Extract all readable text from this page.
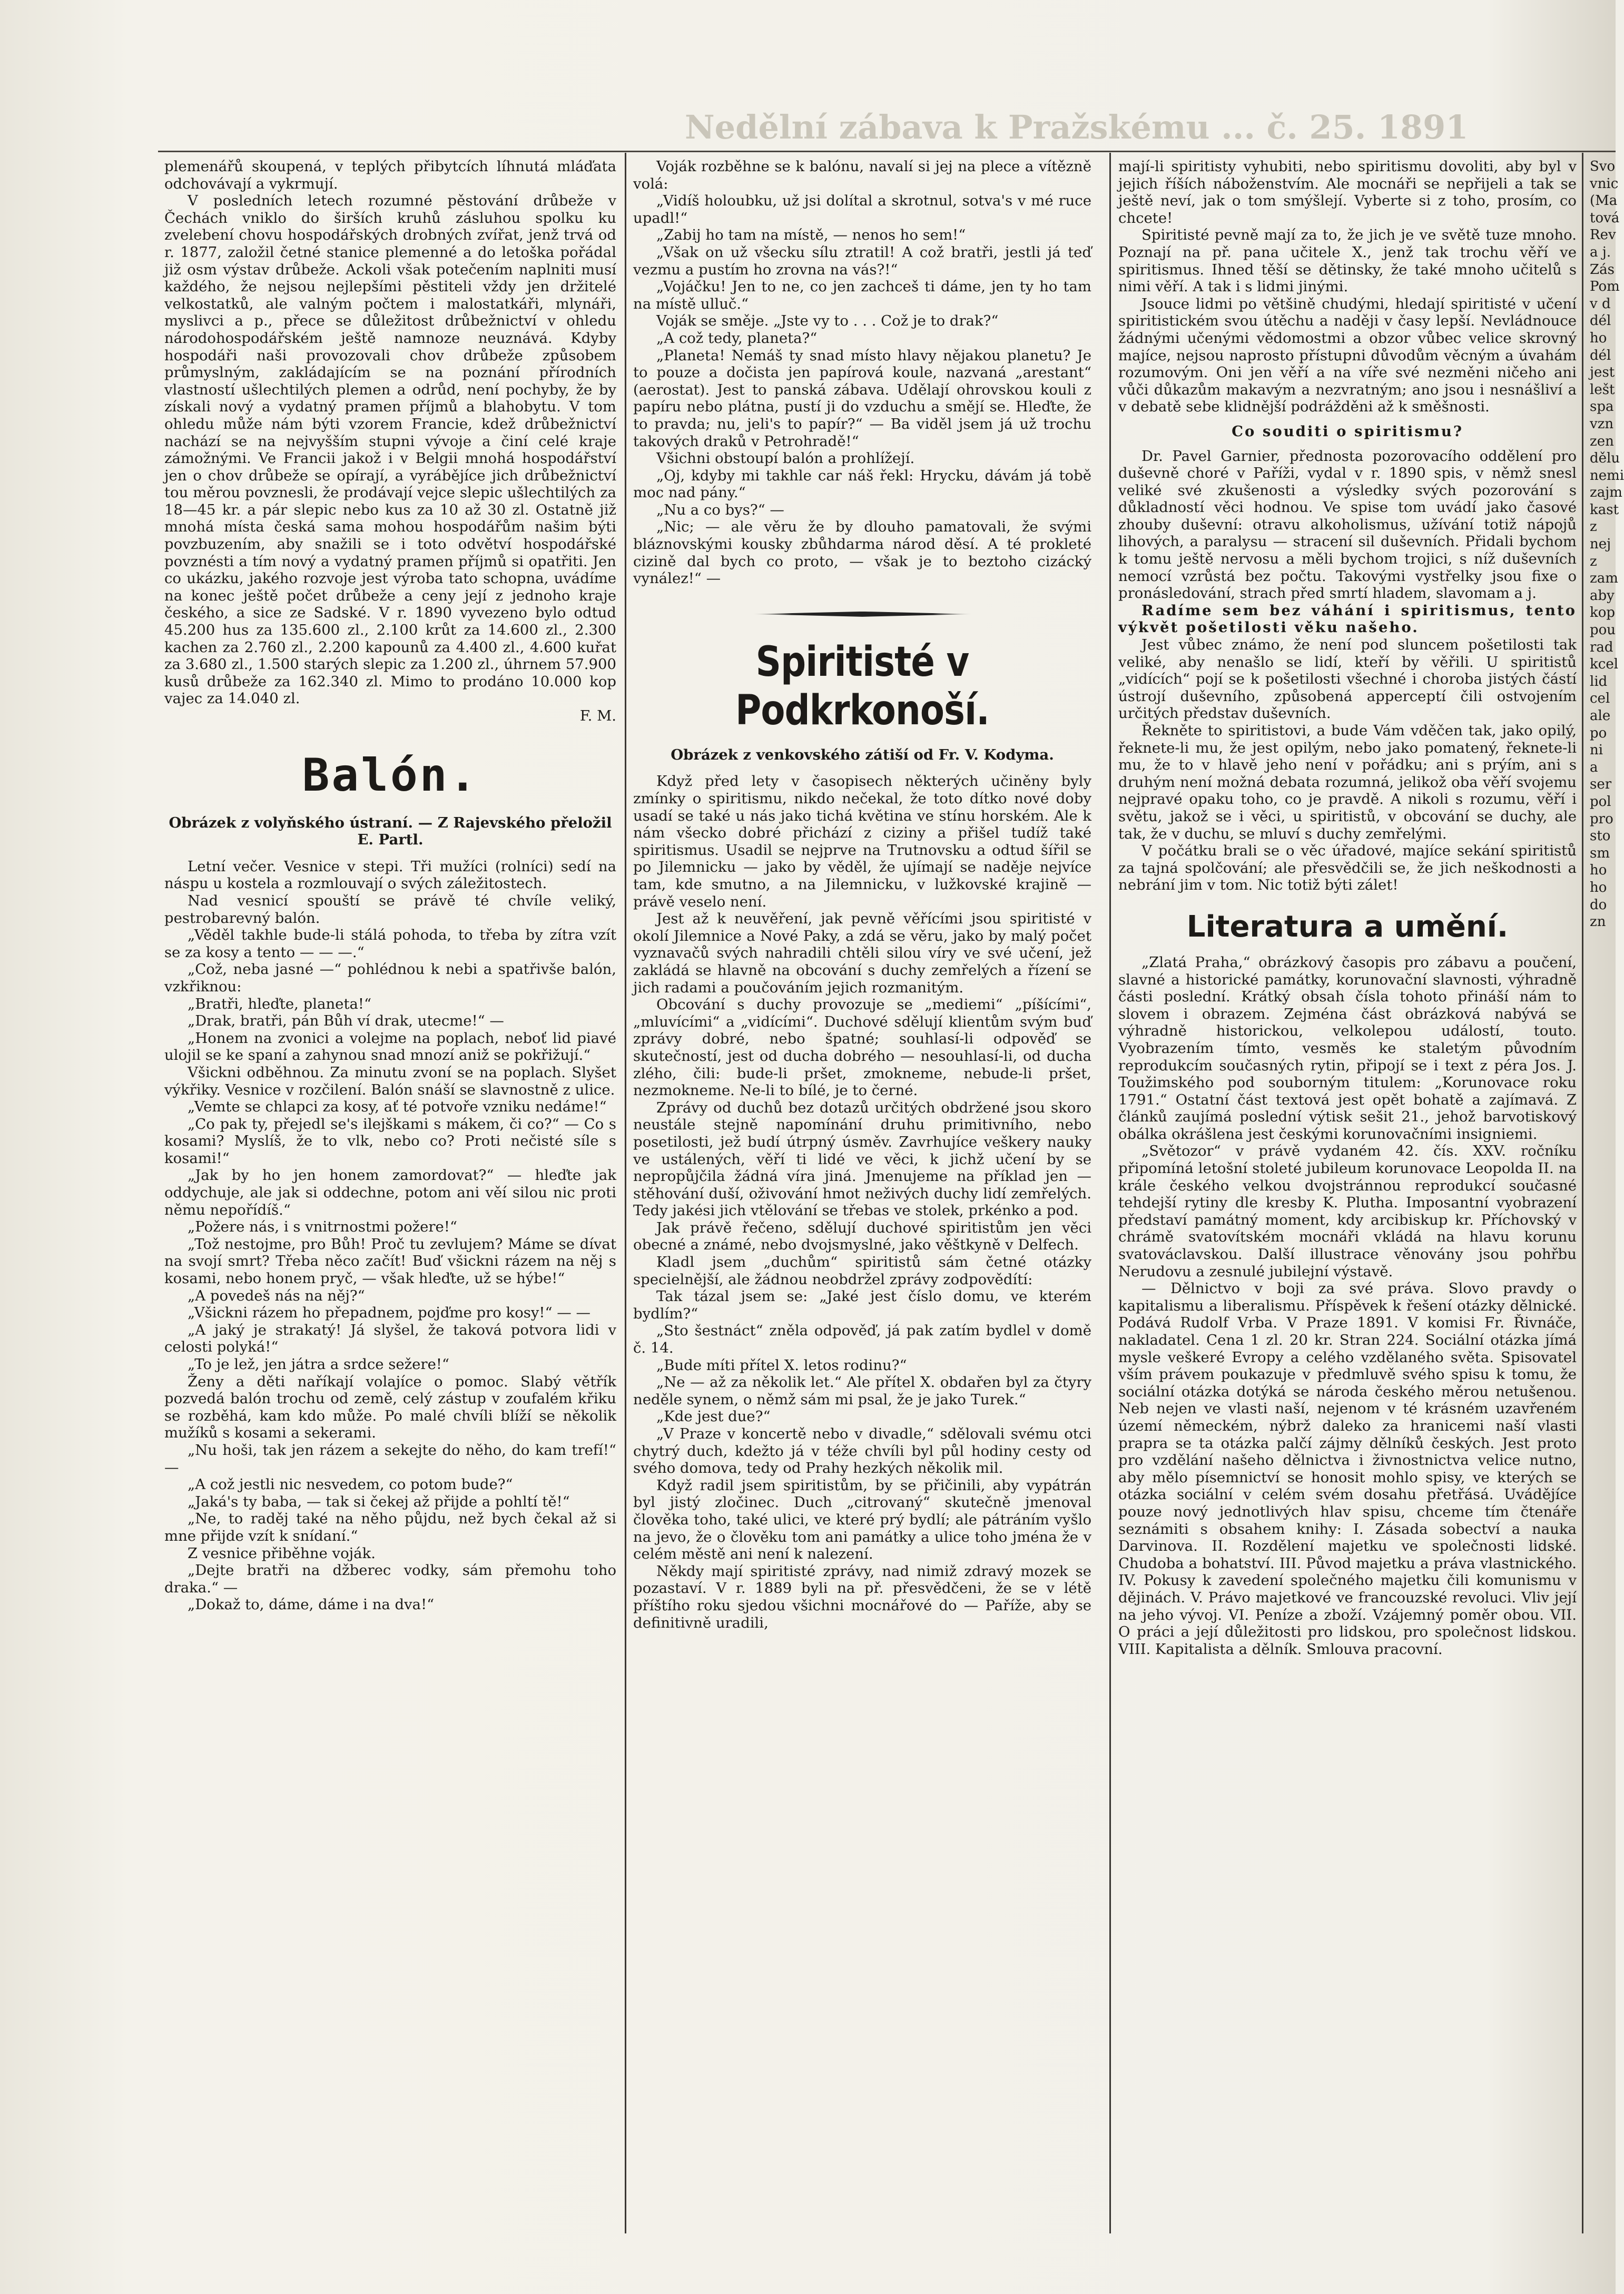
Nedělní zábava k Pražskému ... č. 25. 1891

plemenářů skoupená, v teplých přibytcích líhnutá mláďata odchovávají a vykrmují.

V posledních letech rozumné pěstování drůbeže v Čechách vniklo do širších kruhů zásluhou spolku ku zvelebení chovu hospodářských drobných zvířat, jenž trvá od r. 1877, založil četné stanice plemenné a do letoška pořádal již osm výstav drůbeže. Ackoli však potečením naplniti musí každého, že nejsou nejlepšími pěstiteli vždy jen držitelé velkostatků, ale valným počtem i malostatkáři, mlynáři, myslivci a p., přece se důležitost drůbežnictví v ohledu národohospodářském ještě namnoze neuznává. Kdyby hospodáři naši provozovali chov drůbeže způsobem průmyslným, zakládajícím se na poznání přírodních vlastností ušlechtilých plemen a odrůd, není pochyby, že by získali nový a vydatný pramen příjmů a blahobytu. V tom ohledu může nám býti vzorem Francie, kdež drůbežnictví nachází se na nejvyšším stupni vývoje a činí celé kraje zámožnými. Ve Francii jakož i v Belgii mnohá hospodářství jen o chov drůbeže se opírají, a vyrábějíce jich drůbežnictví tou měrou povznesli, že prodávají vejce slepic ušlechtilých za 18—45 kr. a pár slepic nebo kus za 10 až 30 zl. Ostatně již mnohá místa česká sama mohou hospodářům našim býti povzbuzením, aby snažili se i toto odvětví hospodářské povznésti a tím nový a vydatný pramen příjmů si opatřiti. Jen co ukázku, jakého rozvoje jest výroba tato schopna, uvádíme na konec ještě počet drůbeže a ceny její z jednoho kraje českého, a sice ze Sadské. V r. 1890 vyvezeno bylo odtud 45.200 hus za 135.600 zl., 2.100 krůt za 14.600 zl., 2.300 kachen za 2.760 zl., 2.200 kapounů za 4.400 zl., 4.600 kuřat za 3.680 zl., 1.500 starých slepic za 1.200 zl., úhrnem 57.900 kusů drůbeže za 162.340 zl. Mimo to prodáno 10.000 kop vajec za 14.040 zl.

F. M.

Balón.

Obrázek z volyňského ústraní. — Z Rajevského přeložil E. Partl.

Letní večer. Vesnice v stepi. Tři mužíci (rolníci) sedí na náspu u kostela a rozmlouvají o svých záležitostech.

Nad vesnicí spouští se právě té chvíle veliký, pestrobarevný balón.

„Věděl takhle bude-li stálá pohoda, to třeba by zítra vzít se za kosy a tento — — —.“

„Což, neba jasné —“ pohlédnou k nebi a spatřivše balón, vzkřiknou:

„Bratři, hleďte, planeta!“

„Drak, bratři, pán Bůh ví drak, utecme!“ —

„Honem na zvonici a volejme na poplach, neboť lid piavé ulojil se ke spaní a zahynou snad mnozí aniž se pokřižují.“

Všickni odběhnou. Za minutu zvoní se na poplach. Slyšet výkřiky. Vesnice v rozčilení. Balón snáší se slavnostně z ulice.

„Vemte se chlapci za kosy, ať té potvoře vzniku nedáme!“

„Co pak ty, přejedl se's ilejškami s mákem, či co?“ — Co s kosami? Myslíš, že to vlk, nebo co? Proti nečisté síle s kosami!“

„Jak by ho jen honem zamordovat?“ — hleďte jak oddychuje, ale jak si oddechne, potom ani věí silou nic proti němu nepořídíš.“

„Požere nás, i s vnitrnostmi požere!“

„Tož nestojme, pro Bůh! Proč tu zevlujem? Máme se dívat na svojí smrt? Třeba něco začít! Buď všickni rázem na něj s kosami, nebo honem pryč, — však hleďte, už se hýbe!“

„A povedeš nás na něj?“

„Všickni rázem ho přepadnem, pojďme pro kosy!“ — —

„A jaký je strakatý! Já slyšel, že taková potvora lidi v celosti polyká!“

„To je lež, jen játra a srdce sežere!“

Ženy a děti naříkají volajíce o pomoc. Slabý větřík pozvedá balón trochu od země, celý zástup v zoufalém křiku se rozběhá, kam kdo může. Po malé chvíli blíží se několik mužíků s kosami a sekerami.

„Nu hoši, tak jen rázem a sekejte do něho, do kam trefí!“ —

„A což jestli nic nesvedem, co potom bude?“

„Jaká's ty baba, — tak si čekej až přijde a pohltí tě!“

„Ne, to raděj také na něho půjdu, než bych čekal až si mne přijde vzít k snídaní.“

Z vesnice přiběhne voják.

„Dejte bratři na džberec vodky, sám přemohu toho draka.“ —

„Dokaž to, dáme, dáme i na dva!“

Voják rozběhne se k balónu, navalí si jej na plece a vítězně volá:

„Vidíš holoubku, už jsi dolítal a skrotnul, sotva's v mé ruce upadl!“

„Zabij ho tam na místě, — nenos ho sem!“

„Však on už všecku sílu ztratil! A což bratři, jestli já teď vezmu a pustím ho zrovna na vás?!“

„Vojáčku! Jen to ne, co jen zachceš ti dáme, jen ty ho tam na místě ulluč.“

Voják se směje. „Jste vy to . . . Což je to drak?“

„A což tedy, planeta?“

„Planeta! Nemáš ty snad místo hlavy nějakou planetu? Je to pouze a dočista jen papírová koule, nazvaná „arestant“ (aerostat). Jest to panská zábava. Udělají ohrovskou kouli z papíru nebo plátna, pustí ji do vzduchu a smějí se. Hleďte, že to pravda; nu, jeli's to papír?“ — Ba viděl jsem já už trochu takových draků v Petrohradě!“

Všichni obstoupí balón a prohlížejí.

„Oj, kdyby mi takhle car náš řekl: Hrycku, dávám já tobě moc nad pány.“

„Nu a co bys?“ —

„Nic; — ale věru že by dlouho pamatovali, že svými bláznovskými kousky zbůhdarma národ děsí. A té prokleté cizině dal bych co proto, — však je to beztoho cizácký vynález!“ —

Spiritisté v Podkrkonoší.

Obrázek z venkovského zátiší od Fr. V. Kodyma.

Když před lety v časopisech některých učiněny byly zmínky o spiritismu, nikdo nečekal, že toto dítko nové doby usadí se také u nás jako tichá květina ve stínu horském. Ale k nám všecko dobré přichází z ciziny a přišel tudíž také spiritismus. Usadil se nejprve na Trutnovsku a odtud šířil se po Jilemnicku — jako by věděl, že ujímají se naděje nejvíce tam, kde smutno, a na Jilemnicku, v lužkovské krajině — právě veselo není.

Jest až k neuvěření, jak pevně věřícími jsou spiritisté v okolí Jilemnice a Nové Paky, a zdá se věru, jako by malý počet vyznavačů svých nahradili chtěli silou víry ve své učení, jež zakládá se hlavně na obcování s duchy zemřelých a řízení se jich radami a poučováním jejich rozmanitým.

Obcování s duchy provozuje se „mediemi“ „píšícími“, „mluvícími“ a „vidícími“. Duchové sdělují klientům svým buď zprávy dobré, nebo špatné; souhlasí-li odpověď se skutečností, jest od ducha dobrého — nesouhlasí-li, od ducha zlého, čili: bude-li pršet, zmokneme, nebude-li pršet, nezmokneme. Ne-li to bílé, je to černé.

Zprávy od duchů bez dotazů určitých obdržené jsou skoro neustále stejně napomínání druhu primitivního, nebo posetilosti, jež budí útrpný úsměv. Zavrhujíce veškery nauky ve ustálených, věří ti lidé ve věci, k jichž učení by se nepropůjčila žádná víra jiná. Jmenujeme na příklad jen — stěhování duší, oživování hmot neživých duchy lidí zemřelých. Tedy jakési jich vtělování se třebas ve stolek, prkénko a pod.

Jak právě řečeno, sdělují duchové spiritistům jen věci obecné a známé, nebo dvojsmyslné, jako věštkyně v Delfech.

Kladl jsem „duchům“ spiritistů sám četné otázky specielnější, ale žádnou neobdržel zprávy zodpovědítí:

Tak tázal jsem se: „Jaké jest číslo domu, ve kterém bydlím?“

„Sto šestnáct“ zněla odpověď, já pak zatím bydlel v domě č. 14.

„Bude míti přítel X. letos rodinu?“

„Ne — až za několik let.“ Ale přítel X. obdařen byl za čtyry neděle synem, o němž sám mi psal, že je jako Turek.“

„Kde jest due?“

„V Praze v koncertě nebo v divadle,“ sdělovali svému otci chytrý duch, kdežto já v téže chvíli byl půl hodiny cesty od svého domova, tedy od Prahy hezkých několik mil.

Když radil jsem spiritistům, by se přičinili, aby vypátrán byl jistý zločinec. Duch „citrovaný“ skutečně jmenoval člověka toho, také ulici, ve které prý bydlí; ale pátráním vyšlo na jevo, že o člověku tom ani památky a ulice toho jména že v celém městě ani není k nalezení.

Někdy mají spiritisté zprávy, nad nimiž zdravý mozek se pozastaví. V r. 1889 byli na př. přesvědčeni, že se v létě příštího roku sjedou všichni mocnářové do — Paříže, aby se definitivně uradili,

mají-li spiritisty vyhubiti, nebo spiritismu dovoliti, aby byl v jejich říších náboženstvím. Ale mocnáři se nepřijeli a tak se ještě neví, jak o tom smýšlejí. Vyberte si z toho, prosím, co chcete!

Spiritisté pevně mají za to, že jich je ve světě tuze mnoho. Poznají na př. pana učitele X., jenž tak trochu věří ve spiritismus. Ihned těší se dětinsky, že také mnoho učitelů s nimi věří. A tak i s lidmi jinými.

Jsouce lidmi po většině chudými, hledají spiritisté v učení spiritistickém svou útěchu a naději v časy lepší. Nevládnouce žádnými učenými vědomostmi a obzor vůbec velice skrovný majíce, nejsou naprosto přístupni důvodům věcným a úvahám rozumovým. Oni jen věří a na víře své nezměni ničeho ani vůči důkazům makavým a nezvratným; ano jsou i nesnášliví a v debatě sebe klidnější podrážděni až k směšnosti.

Co souditi o spiritismu?

Dr. Pavel Garnier, přednosta pozorovacího oddělení pro duševně choré v Paříži, vydal v r. 1890 spis, v němž snesl veliké své zkušenosti a výsledky svých pozorování s důkladností věci hodnou. Ve spise tom uvádí jako časové zhouby duševní: otravu alkoholismus, užívání totiž nápojů lihových, a paralysu — stracení sil duševních. Přidali bychom k tomu ještě nervosu a měli bychom trojici, s níž duševních nemocí vzrůstá bez počtu. Takovými vystřelky jsou fixe o pronásledování, strach před smrtí hladem, slavomam a j.

Radíme sem bez váhání i spiritismus, tento výkvět pošetilosti věku našeho.

Jest vůbec známo, že není pod sluncem pošetilosti tak veliké, aby nenašlo se lidí, kteří by věřili. U spiritistů „vidících“ pojí se k pošetilosti všechné i choroba jistých částí ústrojí duševního, způsobená apperceptí čili ostvojením určitých představ duševních.

Řekněte to spiritistovi, a bude Vám vděčen tak, jako opilý, řeknete-li mu, že jest opilým, nebo jako pomatený, řeknete-li mu, že to v hlavě jeho není v pořádku; ani s prýím, ani s druhým není možná debata rozumná, jelikož oba věří svojemu nejpravé opaku toho, co je pravdě. A nikoli s rozumu, věří i světu, jakož se i věci, u spiritistů, v obcování se duchy, ale tak, že v duchu, se mluví s duchy zemřelými.

V počátku brali se o věc úřadové, majíce sekání spiritistů za tajná spolčování; ale přesvědčili se, že jich neškodnosti a nebrání jim v tom. Nic totiž býti zálet!

Literatura a umění.

„Zlatá Praha,“ obrázkový časopis pro zábavu a poučení, slavné a historické památky, korunovační slavnosti, výhradně části poslední. Krátký obsah čísla tohoto přináší nám to slovem i obrazem. Zejména část obrázková nabývá se výhradně historickou, velkolepou událostí, touto. Vyobrazením tímto, vesměs ke staletým původním reprodukcím současných rytin, připojí se i text z péra Jos. J. Toužimského pod souborným titulem: „Korunovace roku 1791.“ Ostatní část textová jest opět bohatě a zajímavá. Z článků zaujímá poslední výtisk sešit 21., jehož barvotiskový obálka okrášlena jest českými korunovačními insigniemi.

„Světozor“ v právě vydaném 42. čís. XXV. ročníku připomíná letošní stoleté jubileum korunovace Leopolda II. na krále českého velkou dvojstránnou reprodukcí současné tehdejší rytiny dle kresby K. Plutha. Imposantní vyobrazení představí památný moment, kdy arcibiskup kr. Příchovský v chrámě svatovítském mocnáři vkládá na hlavu korunu svatováclavskou. Další illustrace věnovány jsou pohřbu Nerudovu a zesnulé jubilejní výstavě.

— Dělnictvo v boji za své práva. Slovo pravdy o kapitalismu a liberalismu. Příspěvek k řešení otázky dělnické. Podává Rudolf Vrba. V Praze 1891. V komisi Fr. Řivnáče, nakladatel. Cena 1 zl. 20 kr. Stran 224. Sociální otázka jímá mysle veškeré Evropy a celého vzdělaného světa. Spisovatel vším právem poukazuje v předmluvě svého spisu k tomu, že sociální otázka dotýká se národa českého měrou netušenou. Neb nejen ve vlasti naší, nejenom v té krásném uzavřeném území německém, nýbrž daleko za hranicemi naší vlasti prapra se ta otázka palčí zájmy dělníků českých. Jest proto pro vzdělání našeho dělnictva i živnostnictva velice nutno, aby mělo písemnictví se honosit mohlo spisy, ve kterých se otázka sociální v celém svém dosahu přetřásá. Uvádějíce pouze nový jednotlivých hlav spisu, chceme tím čtenáře seznámiti s obsahem knihy: I. Zásada sobectví a nauka Darvinova. II. Rozdělení majetku ve společnosti lidské. Chudoba a bohatství. III. Původ majetku a práva vlastnického. IV. Pokusy k zavedení společného majetku čili komunismu v dějinách. V. Právo majetkové ve francouzské revoluci. Vliv její na jeho vývoj. VI. Peníze a zboží. Vzájemný poměr obou. VII. O práci a její důležitosti pro lidskou, pro společnost lidskou. VIII. Kapitalista a dělník. Smlouva pracovní.

Svo
vnic
(Ma
tová
Rev
a j.
Zás
Pom
v d
dél
ho
dél
jest
lešt
spa
vzn
zen
dělu
nemi
zajm
kast
z
nej
z
zam
aby
kop
pou
rad
kcel
lid
cel
ale
po
ni
a
ser
pol
pro
sto
sm
ho
ho
do
zn
